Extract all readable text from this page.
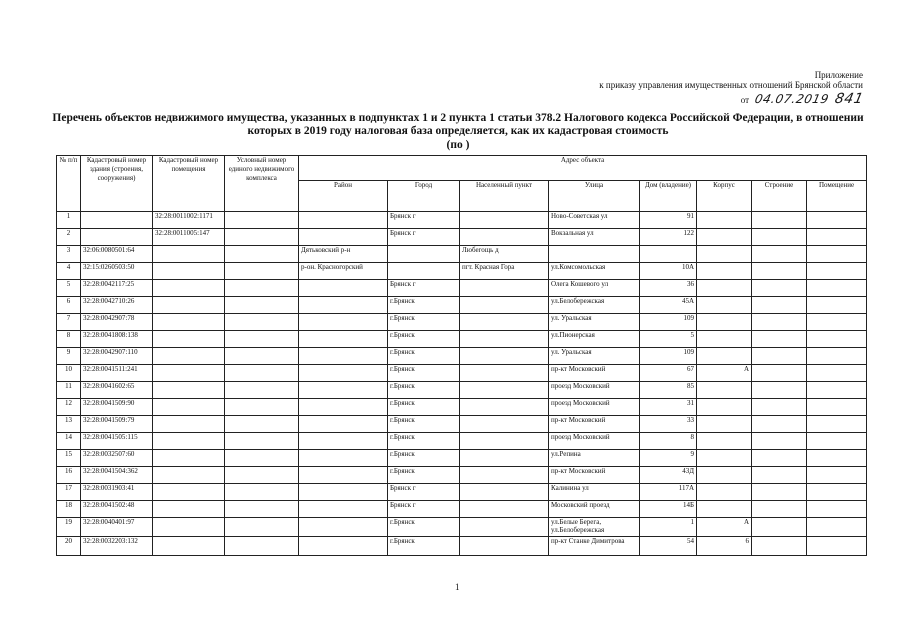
Приложение
к приказу управления имущественных отношений Брянской области
от 04.07.2019 841
Перечень объектов недвижимого имущества, указанных в подпунктах 1 и 2 пункта 1 статьи 378.2 Налогового кодекса Российской Федерации, в отношении
которых в 2019 году налоговая база определяется, как их кадастровая стоимость
(по )
№ п/п	Кадастровый номер здания (строения, сооружения)	Кадастровый номер помещения	Условный номер единого недвижимого комплекса	Адрес объекта							
				Район	Город	Населенный пункт	Улица	Дом (владение)	Корпус	Строение	Помещение
1		32:28:0011002:1171			Брянск г		Ново-Советская ул	91			
2		32:28:0011005:147			Брянск г		Вокзальная ул	122			
3	32:06:0080501:64			Дятьковский р-н		Любегощь д					
4	32:15:0260503:50			р-он. Красногорский		пгт. Красная Гора	ул.Комсомольская	10А			
5	32:28:0042117:25				Брянск г		Олега Кошевого ул	36			
6	32:28:0042710:26				г.Брянск		ул.Белобережская	45А			
7	32:28:0042907:78				г.Брянск		ул. Уральская	109			
8	32:28:0041808:138				г.Брянск		ул.Пионерская	5			
9	32:28:0042907:110				г.Брянск		ул. Уральская	109			
10	32:28:0041511:241				г.Брянск		пр-кт Московский	67	А		
11	32:28:0041602:65				г.Брянск		проезд Московский	85			
12	32:28:0041509:90				г.Брянск		проезд Московский	31			
13	32:28:0041509:79				г.Брянск		пр-кт Московский	33			
14	32:28:0041505:115				г.Брянск		проезд Московский	8			
15	32:28:0032507:60				г.Брянск		ул.Репина	9			
16	32:28:0041504:362				г.Брянск		пр-кт Московский	43Д			
17	32:28:0031903:41				Брянск г		Калинина ул	117А			
18	32:28:0041502:48				Брянск г		Московский проезд	14Б			
19	32:28:0040401:97				г.Брянск		ул.Белые Берега, ул.Белобережская	1	А		
20	32:28:0032203:132				г.Брянск		пр-кт Станке Димитрова	54	6		
1
